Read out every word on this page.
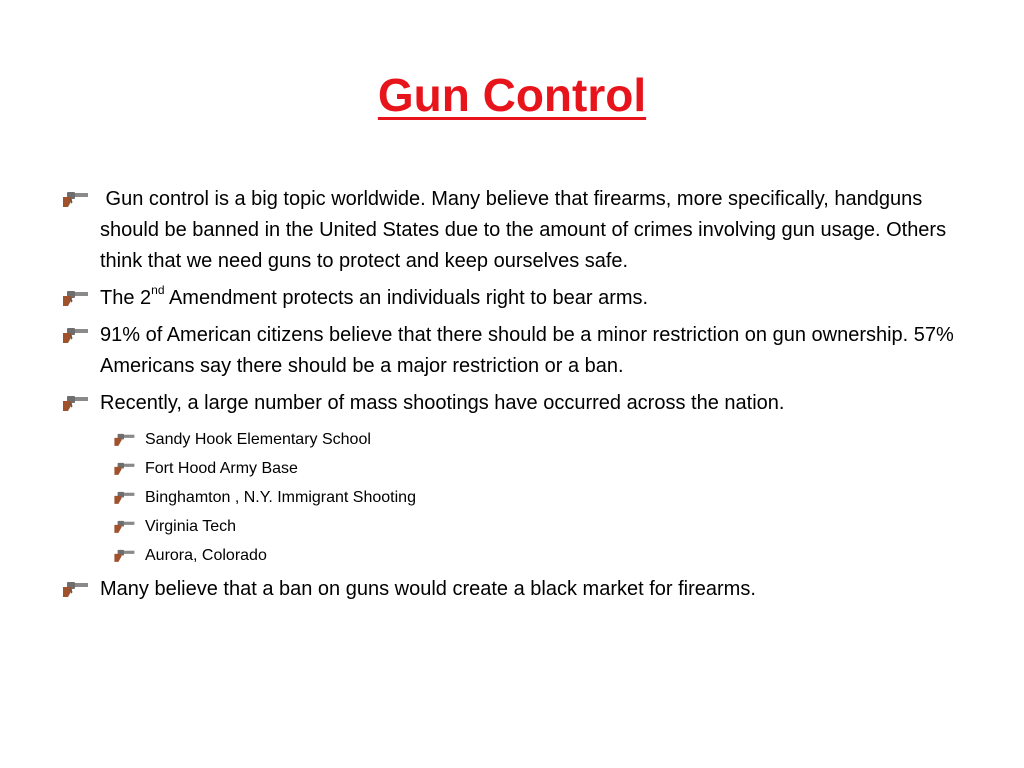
Gun Control
Gun control is a big topic worldwide. Many believe that firearms, more specifically, handguns should be banned in the United States due to the amount of crimes involving gun usage. Others think that we need guns to protect and keep ourselves safe.
The 2nd Amendment protects an individuals right to bear arms.
91% of American citizens believe that there should be a minor restriction on gun ownership. 57% Americans say there should be a major restriction or a ban.
Recently, a large number of mass shootings have occurred across the nation.
Sandy Hook Elementary School
Fort Hood Army Base
Binghamton , N.Y. Immigrant Shooting
Virginia Tech
Aurora, Colorado
Many believe that a ban on guns would create a black market for firearms.
